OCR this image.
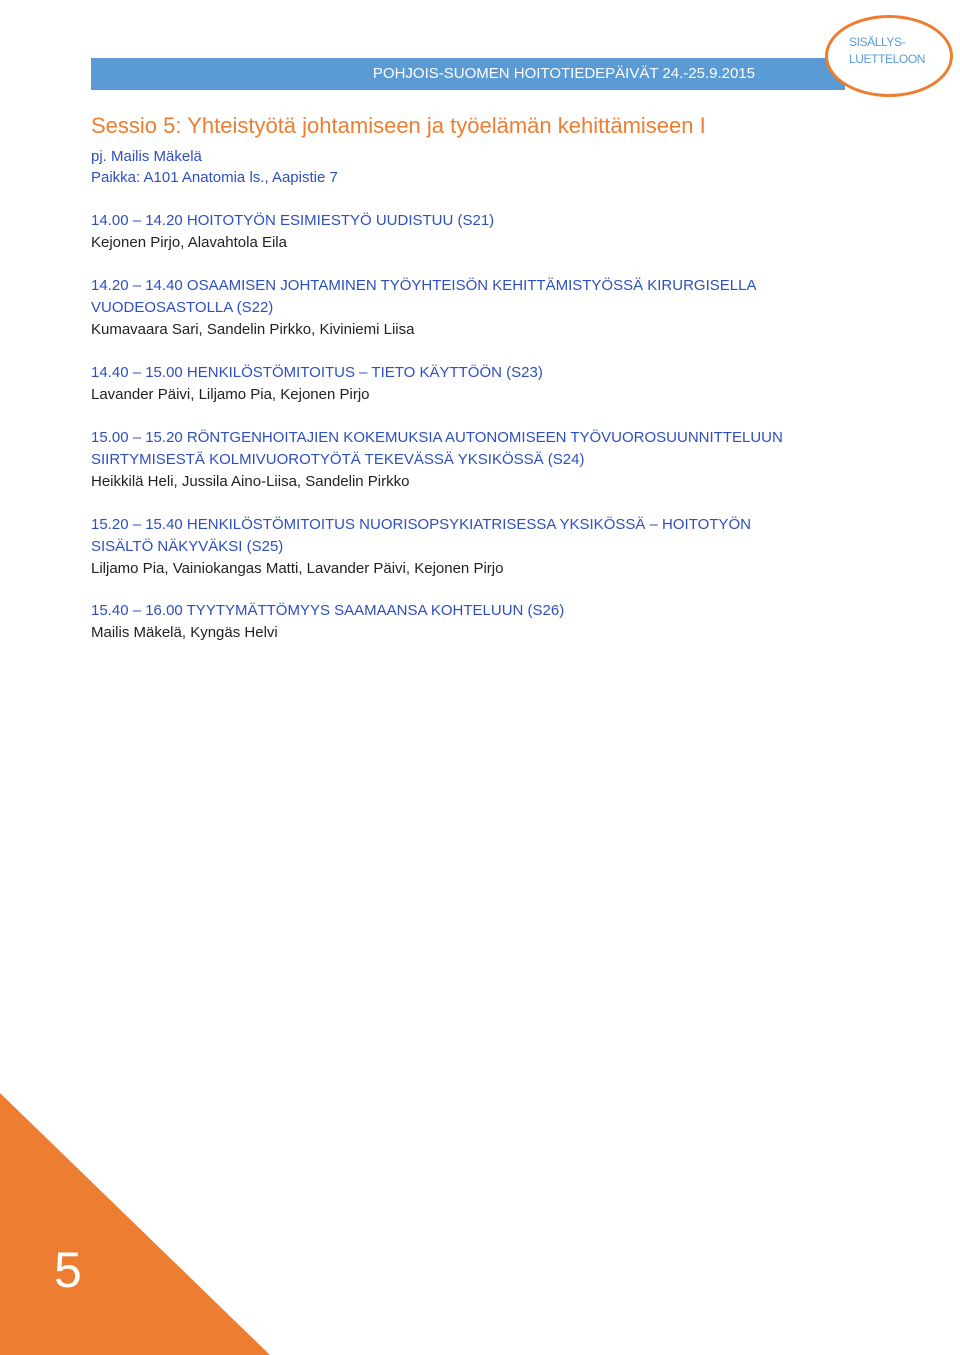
POHJOIS-SUOMEN HOITOTIEDEPÄIVÄT 24.-25.9.2015
SISÄLLYS-
LUETTELOON
Sessio 5: Yhteistyötä johtamiseen ja työelämän kehittämiseen I
pj. Mailis Mäkelä
Paikka: A101 Anatomia ls., Aapistie 7
14.00 – 14.20 HOITOTYÖN ESIMIESTYÖ UUDISTUU (S21)
Kejonen Pirjo, Alavahtola Eila
14.20 – 14.40 OSAAMISEN JOHTAMINEN TYÖYHTEISÖN KEHITTÄMISTYÖSSÄ KIRURGISELLA VUODEOSASTOLLA (S22)
Kumavaara Sari, Sandelin Pirkko, Kiviniemi Liisa
14.40 – 15.00 HENKILÖSTÖMITOITUS – TIETO KÄYTTÖÖN (S23)
Lavander Päivi, Liljamo Pia, Kejonen Pirjo
15.00 – 15.20 RÖNTGENHOITAJIEN KOKEMUKSIA AUTONOMISEEN TYÖVUOROSUUNNITTELUUN SIIRTYMISESTÄ KOLMIVUOROTYÖTÄ TEKEVÄSSÄ YKSIKÖSSÄ (S24)
Heikkilä Heli, Jussila Aino-Liisa, Sandelin Pirkko
15.20 – 15.40 HENKILÖSTÖMITOITUS NUORISOPSYKIATRISESSA YKSIKÖSSÄ – HOITOTYÖN SISÄLTÖ NÄKYVÄKSI (S25)
Liljamo Pia, Vainiokangas Matti, Lavander Päivi, Kejonen Pirjo
15.40 – 16.00 TYYTYMÄTTÖMYYS SAAMAANSA KOHTELUUN (S26)
Mailis Mäkelä, Kyngäs Helvi
5
